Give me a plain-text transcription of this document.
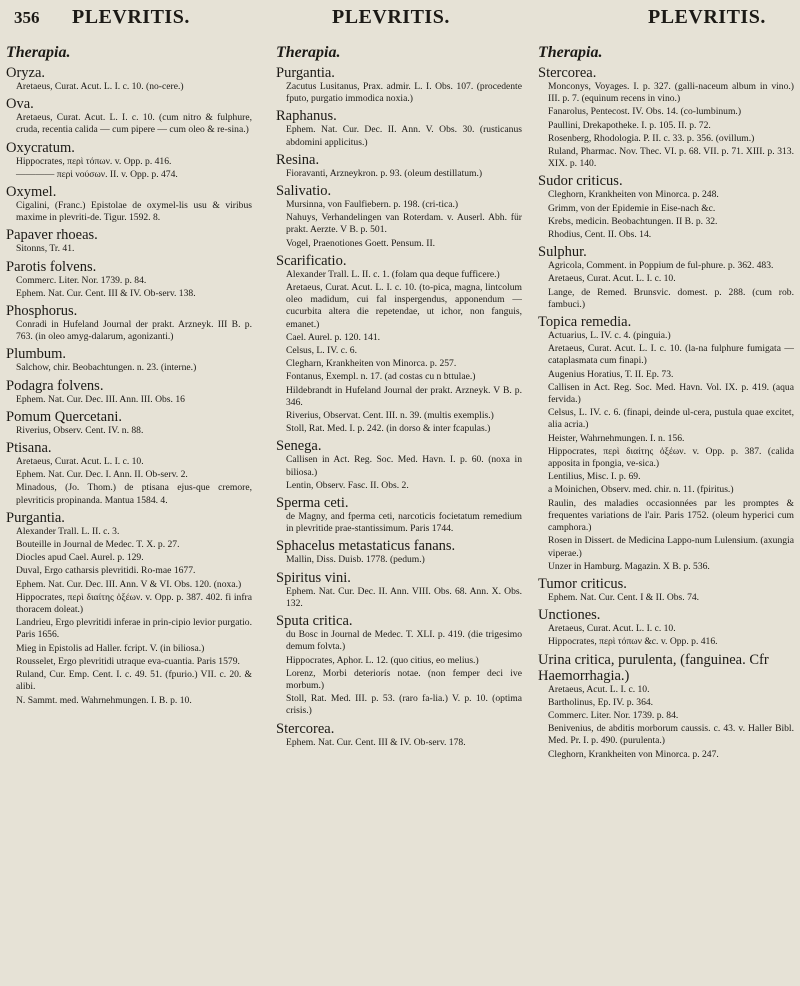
356 PLEVRITIS.	PLEVRITIS.	PLEVRITIS.
Therapia.
Oryza.
Aretaeus, Curat. Acut. L. I. c. 10. (no-cere.)
Ova.
Aretaeus, Curat. Acut. L. I. c. 10. (cum nitro & fulphure, cruda, recentia calida — cum pipere — cum oleo & re-sina.)
Oxycratum.
Hippocrates, περὶ τόπων. v. Opp. p. 416.
———— περὶ νούσων. II. v. Opp. p. 474.
Oxymel.
Cigalini, (Franc.) Epistolae de oxymel-lis usu & viribus maxime in plevriti-de. Tigur. 1592. 8.
Papaver rhoeas.
Sitonns, Tr. 41.
Parotis folvens.
Commerc. Liter. Nor. 1739. p. 84.
Ephem. Nat. Cur. Cent. III & IV. Ob-serv. 138.
Phosphorus.
Conradi in Hufeland Journal der prakt. Arzneyk. III B. p. 763. (in oleo amyg-dalarum, agonizanti.)
Plumbum.
Salchow, chir. Beobachtungen. n. 23. (interne.)
Podagra folvens.
Ephem. Nat. Cur. Dec. III. Ann. III. Obs. 16
Pomum Quercetani.
Riverius, Observ. Cent. IV. n. 88.
Ptisana.
Aretaeus, Curat. Acut. L. I. c. 10.
Ephem. Nat. Cur. Dec. I. Ann. II. Ob-serv. 2.
Minadous, (Jo. Thom.) de ptisana ejus-que cremore, plevriticis propinanda. Mantua 1584. 4.
Purgantia.
Alexander Trall. L. II. c. 3.
Bouteille in Journal de Medec. T. X. p. 27.
Diocles apud Cael. Aurel. p. 129.
Duval, Ergo catharsis plevritidi. Ro-mae 1677.
Ephem. Nat. Cur. Dec. III. Ann. V & VI. Obs. 120. (noxa.)
Hippocrates, περὶ διαίτης ὀξέων. v. Opp. p. 387. 402. fi infra thoracem doleat.)
Landrieu, Ergo plevritidi inferae in prin-cipio levior purgatio. Paris 1656.
Mieg in Epistolis ad Haller. fcript. V. (in biliosa.)
Rousselet, Ergo plevritidi utraque eva-cuantia. Paris 1579.
Ruland, Cur. Emp. Cent. I. c. 49. 51. (fpurio.) VII. c. 20. & alibi.
N. Sammt. med. Wahrnehmungen. I. B. p. 10.
Therapia.
Purgantia.
Zacutus Lusitanus, Prax. admir. L. I. Obs. 107. (procedente fputo, purgatio immodica noxia.)
Raphanus.
Ephem. Nat. Cur. Dec. II. Ann. V. Obs. 30. (rusticanus abdomini applicitus.)
Resina.
Fioravanti, Arzneykron. p. 93. (oleum destillatum.)
Salivatio.
Mursinna, von Faulfiebern. p. 198. (cri-tica.)
Nahuys, Verhandelingen van Roterdam. v. Auserl. Abh. für prakt. Aerzte. V B. p. 501.
Vogel, Praenotiones Goett. Pensum. II.
Scarificatio.
Alexander Trall. L. II. c. 1. (folam qua deque fufficere.)
Aretaeus, Curat. Acut. L. I. c. 10. (to-pica, magna, lintcolum oleo madidum, cui fal inspergendus, apponendum — cucurbita altera die repetendae, ut ichor, non fanguis, emanet.)
Cael. Aurel. p. 120. 141.
Celsus, L. IV. c. 6.
Clegharn, Krankheiten von Minorca. p. 257.
Fontanus, Exempl. n. 17. (ad costas cu n bttulae.)
Hildebrandt in Hufeland Journal der prakt. Arzneyk. V B. p. 346.
Riverius, Observat. Cent. III. n. 39. (multis exemplis.)
Stoll, Rat. Med. I. p. 242. (in dorso & inter fcapulas.)
Senega.
Callisen in Act. Reg. Soc. Med. Havn. I. p. 60. (noxa in biliosa.)
Lentin, Observ. Fasc. II. Obs. 2.
Sperma ceti.
de Magny, and fperma ceti, narcoticis focietatum remedium in plevritide prae-stantissimum. Paris 1744.
Sphacelus metastaticus fanans.
Mallin, Diss. Duisb. 1778. (pedum.)
Spiritus vini.
Ephem. Nat. Cur. Dec. II. Ann. VIII. Obs. 68. Ann. X. Obs. 132.
Sputa critica.
du Bosc in Journal de Medec. T. XLI. p. 419. (die trigesimo demum folvta.)
Hippocrates, Aphor. L. 12. (quo citius, eo melius.)
Lorenz, Morbi deteriorís notae. (non femper deci ive morbum.)
Stoll, Rat. Med. III. p. 53. (raro fa-lia.) V. p. 10. (optima crisis.)
Stercorea.
Ephem. Nat. Cur. Cent. III & IV. Ob-serv. 178.
Therapia.
Stercorea.
Monconys, Voyages. I. p. 327. (galli-naceum album in vino.) III. p. 7. (equinum recens in vino.)
Fanarolus, Pentecost. IV. Obs. 14. (co-lumbinum.)
Paullini, Drekapotheke. I. p. 105. II. p. 72.
Rosenberg, Rhodologia. P. II. c. 33. p. 356. (ovillum.)
Ruland, Pharmac. Nov. Thec. VI. p. 68. VII. p. 71. XIII. p. 313. XIX. p. 140.
Sudor criticus.
Cleghorn, Krankheiten von Minorca. p. 248.
Grimm, von der Epidemie in Eise-nach &c.
Krebs, medicin. Beobachtungen. II B. p. 32.
Rhodius, Cent. II. Obs. 14.
Sulphur.
Agricola, Comment. in Poppium de ful-phure. p. 362. 483.
Aretaeus, Curat. Acut. L. I. c. 10.
Lange, de Remed. Brunsvic. domest. p. 288. (cum rob. fambuci.)
Topica remedia.
Actuarius, L. IV. c. 4. (pinguia.)
Aretaeus, Curat. Acut. L. I. c. 10. (la-na fulphure fumigata — cataplasmata cum finapi.)
Augenius Horatius, T. II. Ep. 73.
Callisen in Act. Reg. Soc. Med. Havn. Vol. IX. p. 419. (aqua fervida.)
Celsus, L. IV. c. 6. (finapi, deinde ul-cera, pustula quae excitet, alia acria.)
Heister, Wahrnehmungen. I. n. 156.
Hippocrates, περὶ διαίτης ὀξέων. v. Opp. p. 387. (calida apposita in fpongia, ve-sica.)
Lentilius, Misc. I. p. 69.
a Moinichen, Observ. med. chir. n. 11. (fpiritus.)
Raulin, des maladies occasionnées par les promptes & frequentes variations de l'air. Paris 1752. (oleum hyperici cum camphora.)
Rosen in Dissert. de Medicina Lappo-num Lulensium. (axungia viperae.)
Unzer in Hamburg. Magazin. X B. p. 536.
Tumor criticus.
Ephem. Nat. Cur. Cent. I & II. Obs. 74.
Unctiones.
Aretaeus, Curat. Acut. L. I. c. 10.
Hippocrates, περὶ τόπων &c. v. Opp. p. 416.
Urina critica, purulenta, (fanguinea. Cfr Haemorrhagia.)
Aretaeus, Acut. L. I. c. 10.
Bartholinus, Ep. IV. p. 364.
Commerc. Liter. Nor. 1739. p. 84.
Benivenius, de abditis morborum caussis. c. 43. v. Haller Bibl. Med. Pr. I. p. 490. (purulenta.)
Cleghorn, Krankheiten von Minorca. p. 247.
